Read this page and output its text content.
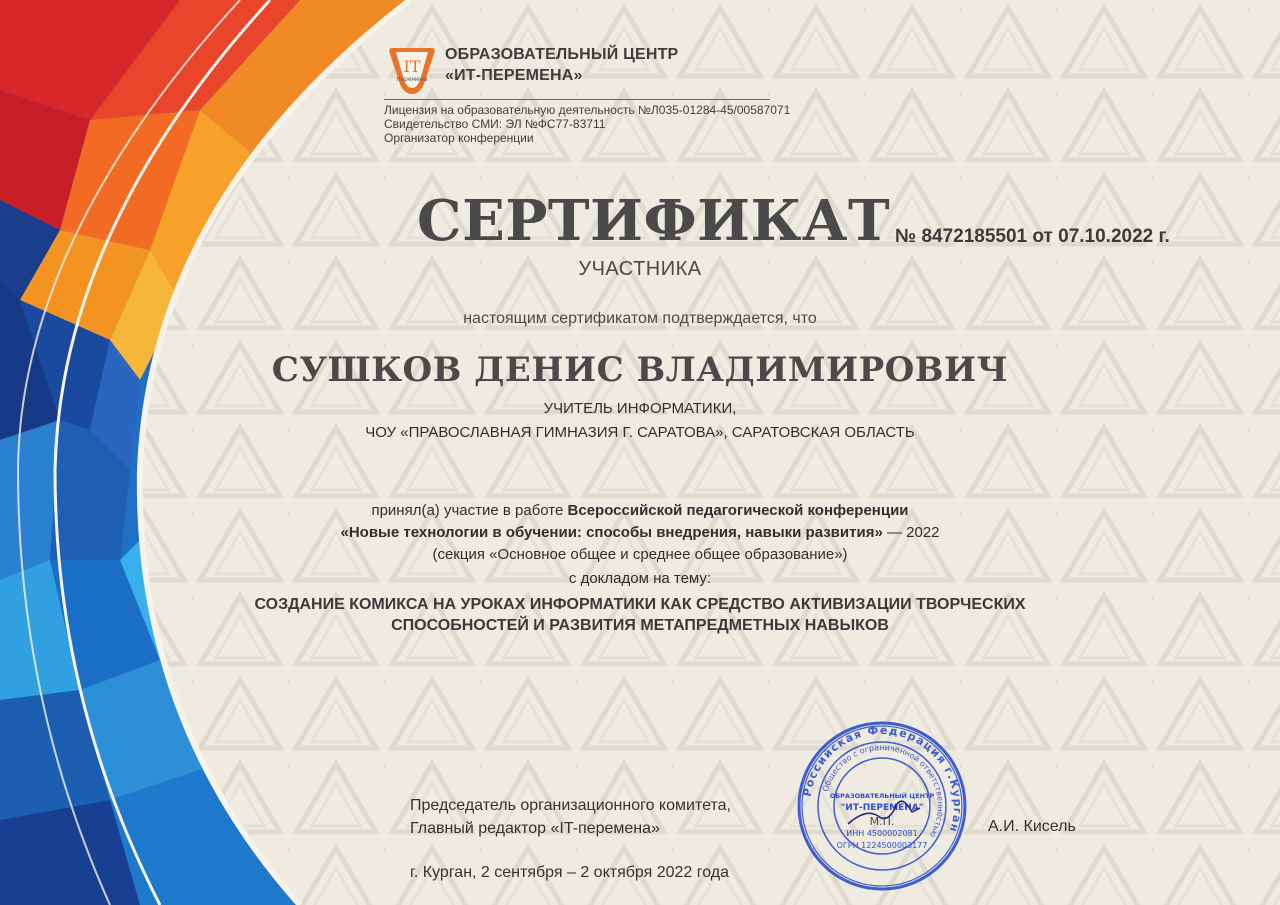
IT
перемена
ОБРАЗОВАТЕЛЬНЫЙ ЦЕНТР
«ИТ-ПЕРЕМЕНА»
Лицензия на образовательную деятельность №Л035-01284-45/00587071
Свидетельство СМИ: ЭЛ №ФС77-83711
Организатор конференции
СЕРТИФИКАТ № 8472185501 от 07.10.2022 г.
УЧАСТНИКА
настоящим сертификатом подтверждается, что
СУШКОВ ДЕНИС ВЛАДИМИРОВИЧ
УЧИТЕЛЬ ИНФОРМАТИКИ,
ЧОУ «ПРАВОСЛАВНАЯ ГИМНАЗИЯ Г. САРАТОВА», САРАТОВСКАЯ ОБЛАСТЬ
принял(а) участие в работе Всероссийской педагогической конференции
«Новые технологии в обучении: способы внедрения, навыки развития» — 2022
(секция «Основное общее и среднее общее образование»)
с докладом на тему:
СОЗДАНИЕ КОМИКСА НА УРОКАХ ИНФОРМАТИКИ КАК СРЕДСТВО АКТИВИЗАЦИИ ТВОРЧЕСКИХ
СПОСОБНОСТЕЙ И РАЗВИТИЯ МЕТАПРЕДМЕТНЫХ НАВЫКОВ
Председатель организационного комитета,
Главный редактор «IT-перемена»	А.И. Кисель
г. Курган, 2 сентября – 2 октября 2022 года
Российская Федерация г.Курган
Общество с ограниченной ответственностью
ОБРАЗОВАТЕЛЬНЫЙ ЦЕНТР
"ИТ-ПЕРЕМЕНА"
ИНН 4500002081
ОГРН 1224500003177
М.П.
